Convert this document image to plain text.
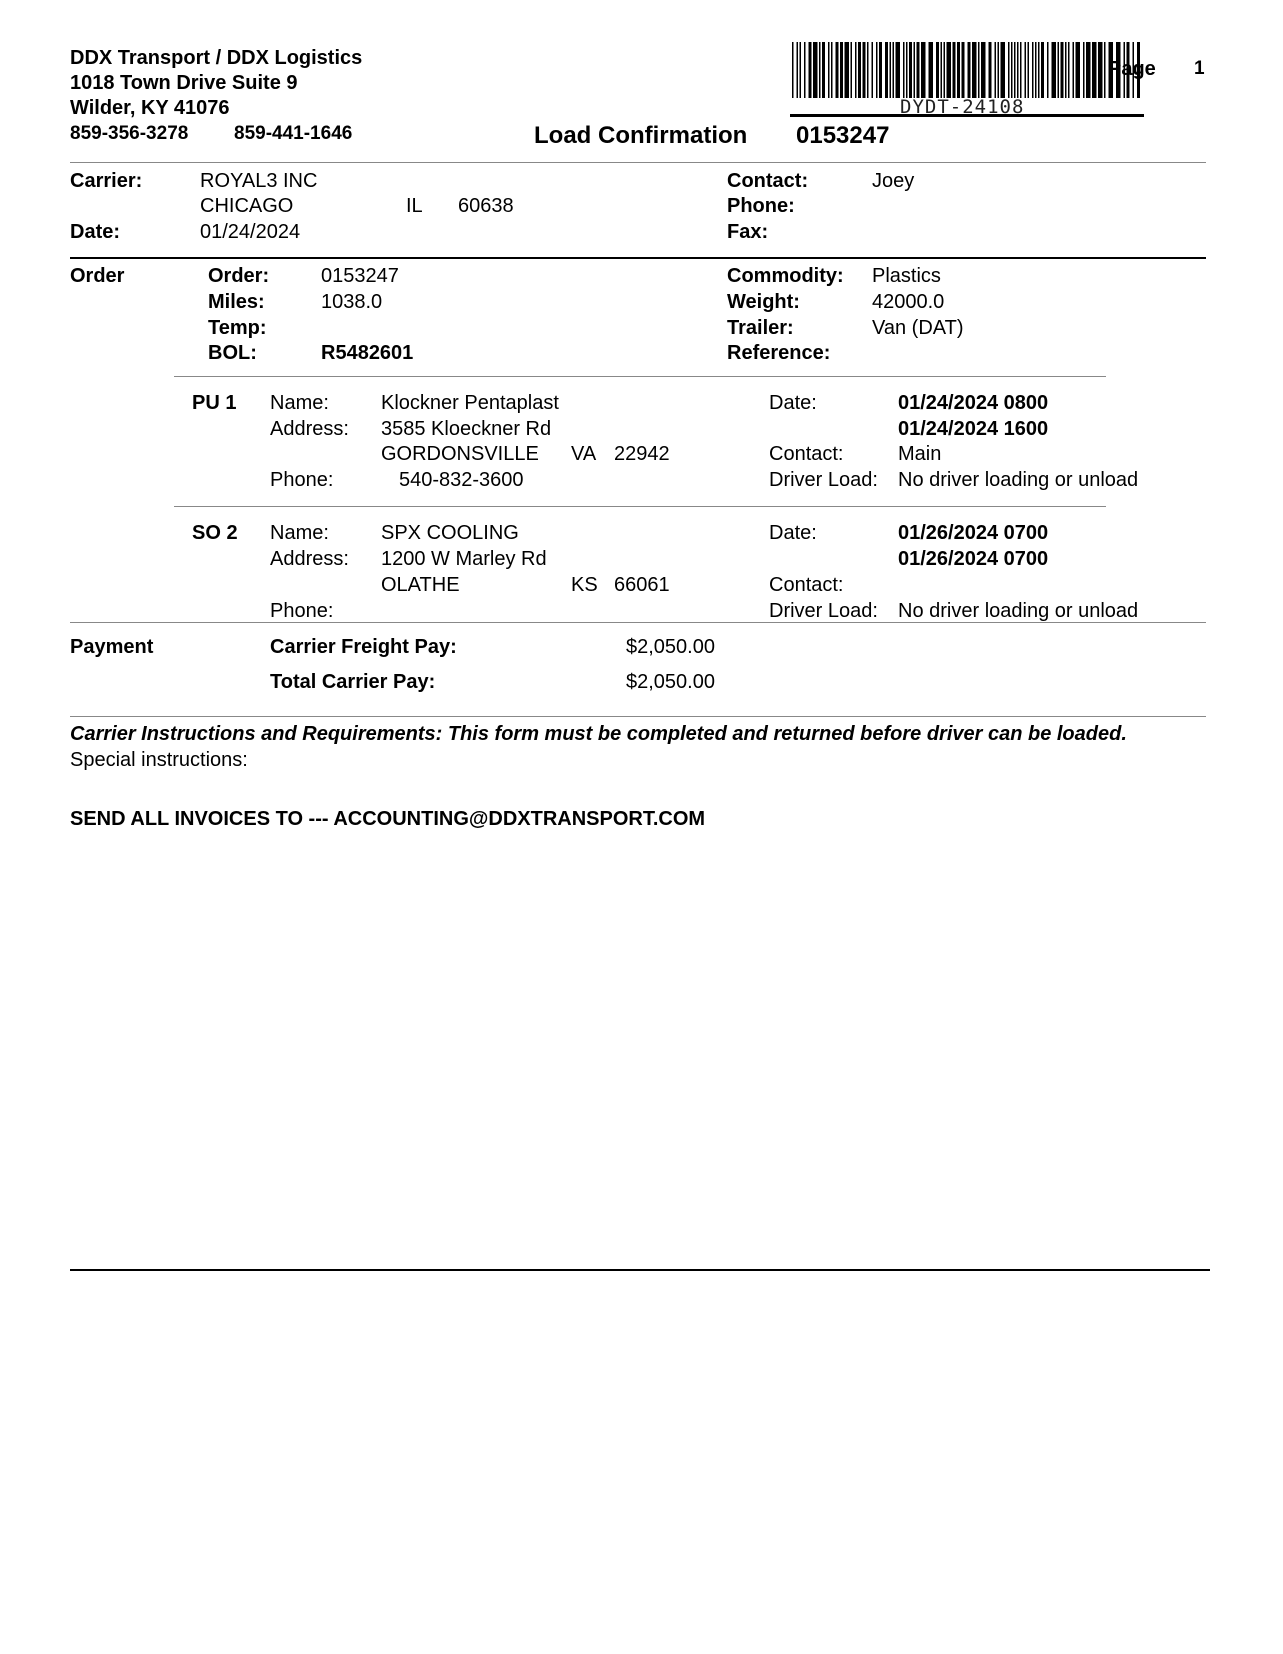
DDX Transport / DDX Logistics
1018 Town Drive Suite 9
Wilder, KY 41076
859-356-3278 859-441-1646
DYDT-24108
Page 1
Load Confirmation 0153247
Carrier:	ROYAL3 INC
CHICAGO	IL 60638
Date:	01/24/2024
Contact:	Joey
Phone:
Fax:
Order	Order:	0153247
Miles:	1038.0
Temp:
BOL:	R5482601
Commodity: Plastics
Weight:	42000.0
Trailer:	Van (DAT)
Reference:
PU 1 Name:	Klockner Pentaplast
Address: 3585 Kloeckner Rd
GORDONSVILLE VA 22942
Phone:	540-832-3600
Date:	01/24/2024 0800
01/24/2024 1600
Contact:	Main
Driver Load: No driver loading or unload
SO 2 Name:	SPX COOLING
Address: 1200 W Marley Rd
OLATHE	KS 66061
Phone:
Date:	01/26/2024 0700
01/26/2024 0700
Contact:
Driver Load: No driver loading or unload
Payment	Carrier Freight Pay:	$2,050.00
Total Carrier Pay:	$2,050.00
Carrier Instructions and Requirements: This form must be completed and returned before driver can be loaded.
Special instructions:
SEND ALL INVOICES TO --- ACCOUNTING@DDXTRANSPORT.COM
